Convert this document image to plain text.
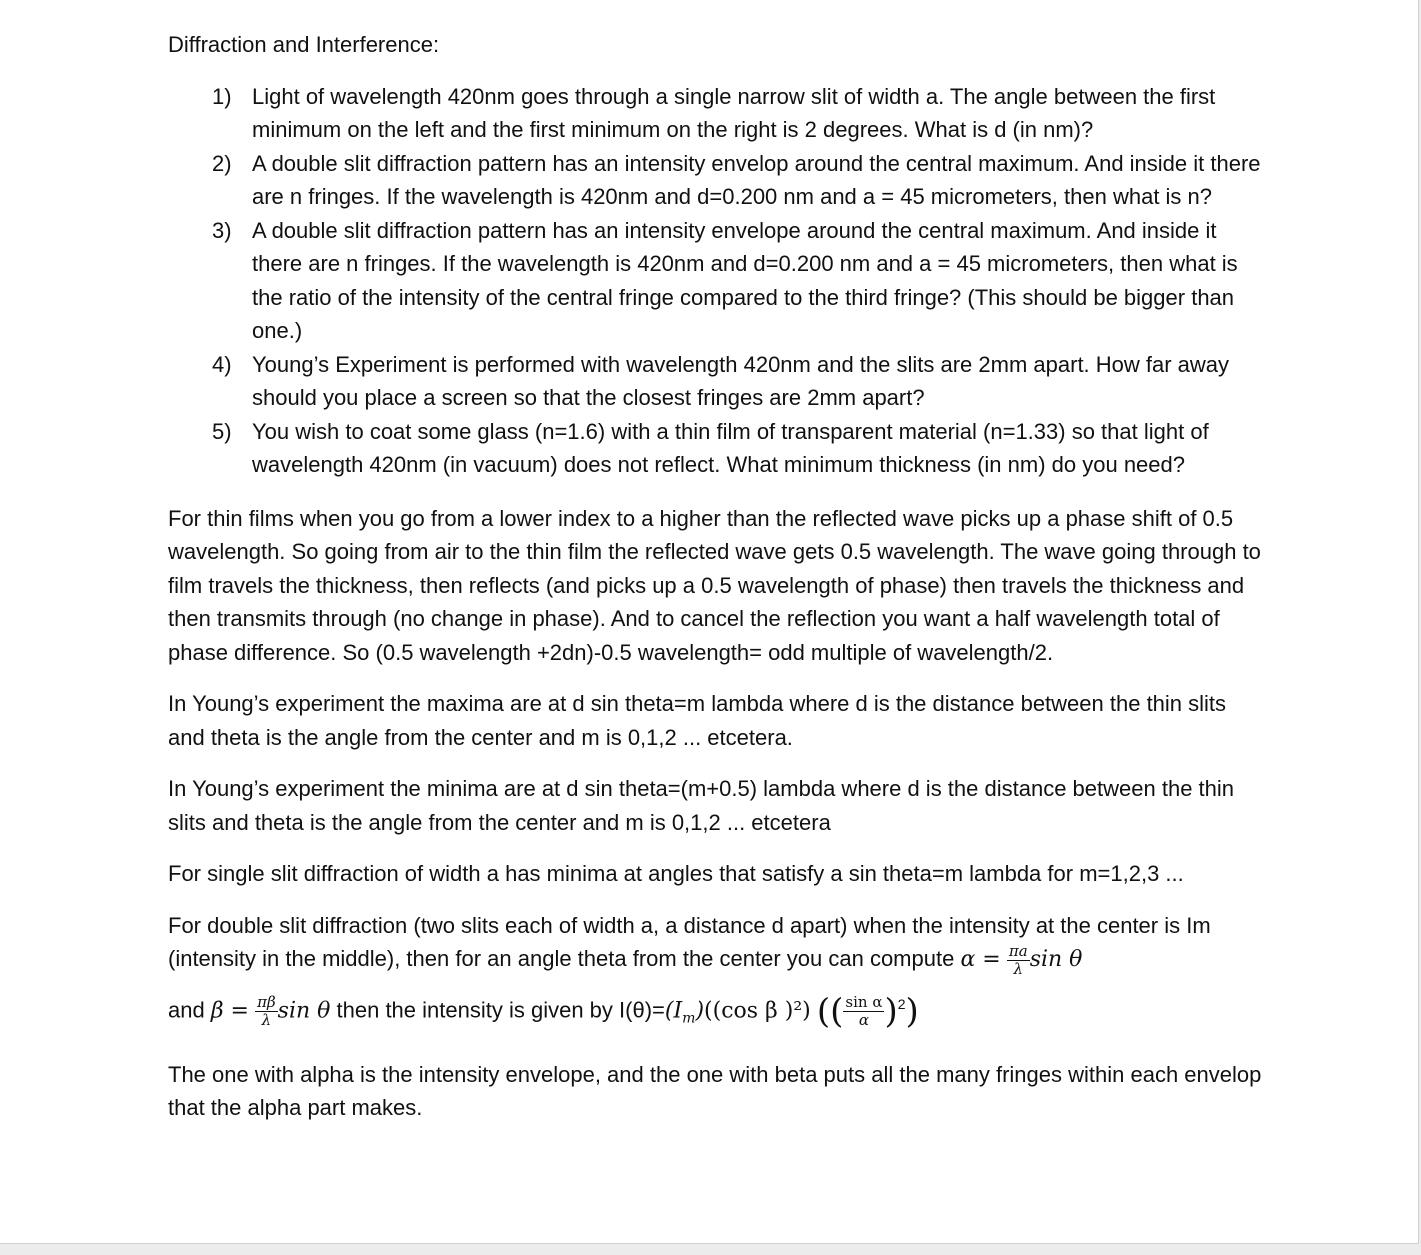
Diffraction and Interference:
1) Light of wavelength 420nm goes through a single narrow slit of width a. The angle between the first minimum on the left and the first minimum on the right is 2 degrees. What is d (in nm)?
2) A double slit diffraction pattern has an intensity envelop around the central maximum. And inside it there are n fringes. If the wavelength is 420nm and d=0.200 nm and a = 45 micrometers, then what is n?
3) A double slit diffraction pattern has an intensity envelope around the central maximum. And inside it there are n fringes. If the wavelength is 420nm and d=0.200 nm and a = 45 micrometers, then what is the ratio of the intensity of the central fringe compared to the third fringe? (This should be bigger than one.)
4) Young’s Experiment is performed with wavelength 420nm and the slits are 2mm apart. How far away should you place a screen so that the closest fringes are 2mm apart?
5) You wish to coat some glass (n=1.6) with a thin film of transparent material (n=1.33) so that light of wavelength 420nm (in vacuum) does not reflect. What minimum thickness (in nm) do you need?

For thin films when you go from a lower index to a higher than the reflected wave picks up a phase shift of 0.5 wavelength. So going from air to the thin film the reflected wave gets 0.5 wavelength. The wave going through to film travels the thickness, then reflects (and picks up a 0.5 wavelength of phase) then travels the thickness and then transmits through (no change in phase). And to cancel the reflection you want a half wavelength total of phase difference. So (0.5 wavelength +2dn)-0.5 wavelength= odd multiple of wavelength/2.

In Young’s experiment the maxima are at d sin theta=m lambda where d is the distance between the thin slits and theta is the angle from the center and m is 0,1,2 ... etcetera.

In Young’s experiment the minima are at d sin theta=(m+0.5) lambda where d is the distance between the thin slits and theta is the angle from the center and m is 0,1,2 ... etcetera

For single slit diffraction of width a has minima at angles that satisfy a sin theta=m lambda for m=1,2,3 ...

For double slit diffraction (two slits each of width a, a distance d apart) when the intensity at the center is Im (intensity in the middle), then for an angle theta from the center you can compute $\alpha = \frac{\pi a}{\lambda}$ sin θ

and $\beta = \frac{\pi\beta}{\lambda}$ sin θ then the intensity is given by $I(\theta)=(I_m)((\cos$ β )²) (( $\frac{\text{sin α}}{\alpha} )^2$)

The one with alpha is the intensity envelope, and the one with beta puts all the many fringes within each envelop that the alpha part makes.
